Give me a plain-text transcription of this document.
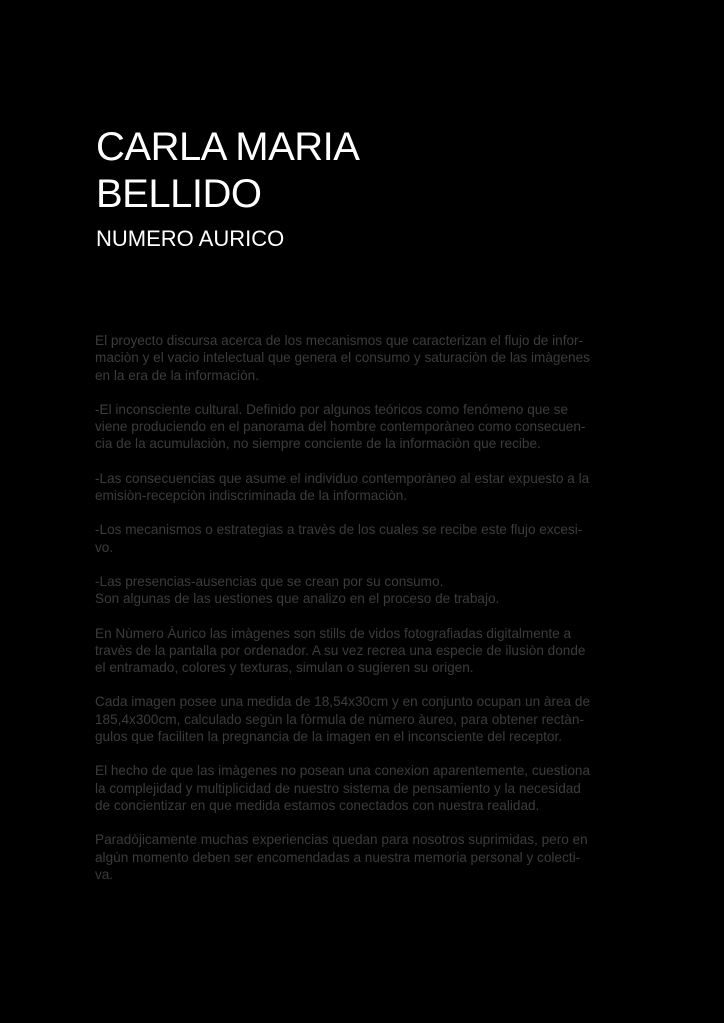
CARLA MARIA
BELLIDO
NUMERO AURICO

El proyecto discursa acerca de los mecanismos que caracterizan el flujo de infor-
maciòn y el vacio intelectual que genera el consumo y saturaciòn de las imàgenes
en la era de la informaciòn.

-El inconsciente cultural. Definido por algunos teóricos como fenómeno que se
viene produciendo en el panorama del hombre contemporàneo como consecuen-
cia de la acumulaciòn, no siempre conciente de la informaciòn que recibe.

-Las consecuencias que asume el individuo contemporàneo al estar expuesto a la
emisiòn-recepciòn indiscriminada de la informaciòn.

-Los mecanismos o estrategias a travès de los cuales se recibe este flujo excesi-
vo.

-Las presencias-ausencias que se crean por su consumo.
Son algunas de las uestiones que analizo en el proceso de trabajo.

En Nùmero Àurico las imàgenes son stills de vidos fotografiadas digitalmente a
travès de la pantalla por ordenador. A su vez recrea una especie de ilusiòn donde
el entramado, colores y texturas, simulan o sugieren su origen.

Cada imagen posee una medida de 18,54x30cm y en conjunto ocupan un àrea de
185,4x300cm, calculado segùn la fòrmula de nùmero àureo, para obtener rectàn-
gulos que faciliten la pregnancia de la imagen en el inconsciente del receptor.

El hecho de que las imàgenes no posean una conexion aparentemente, cuestiona
la complejidad y multiplicidad de nuestro sistema de pensamiento y la necesidad
de concientizar en que medida estamos conectados con nuestra realidad.

Paradòjicamente muchas experiencias quedan para nosotros suprimidas, pero en
algùn momento deben ser encomendadas a nuestra memoria personal y colecti-
va.
